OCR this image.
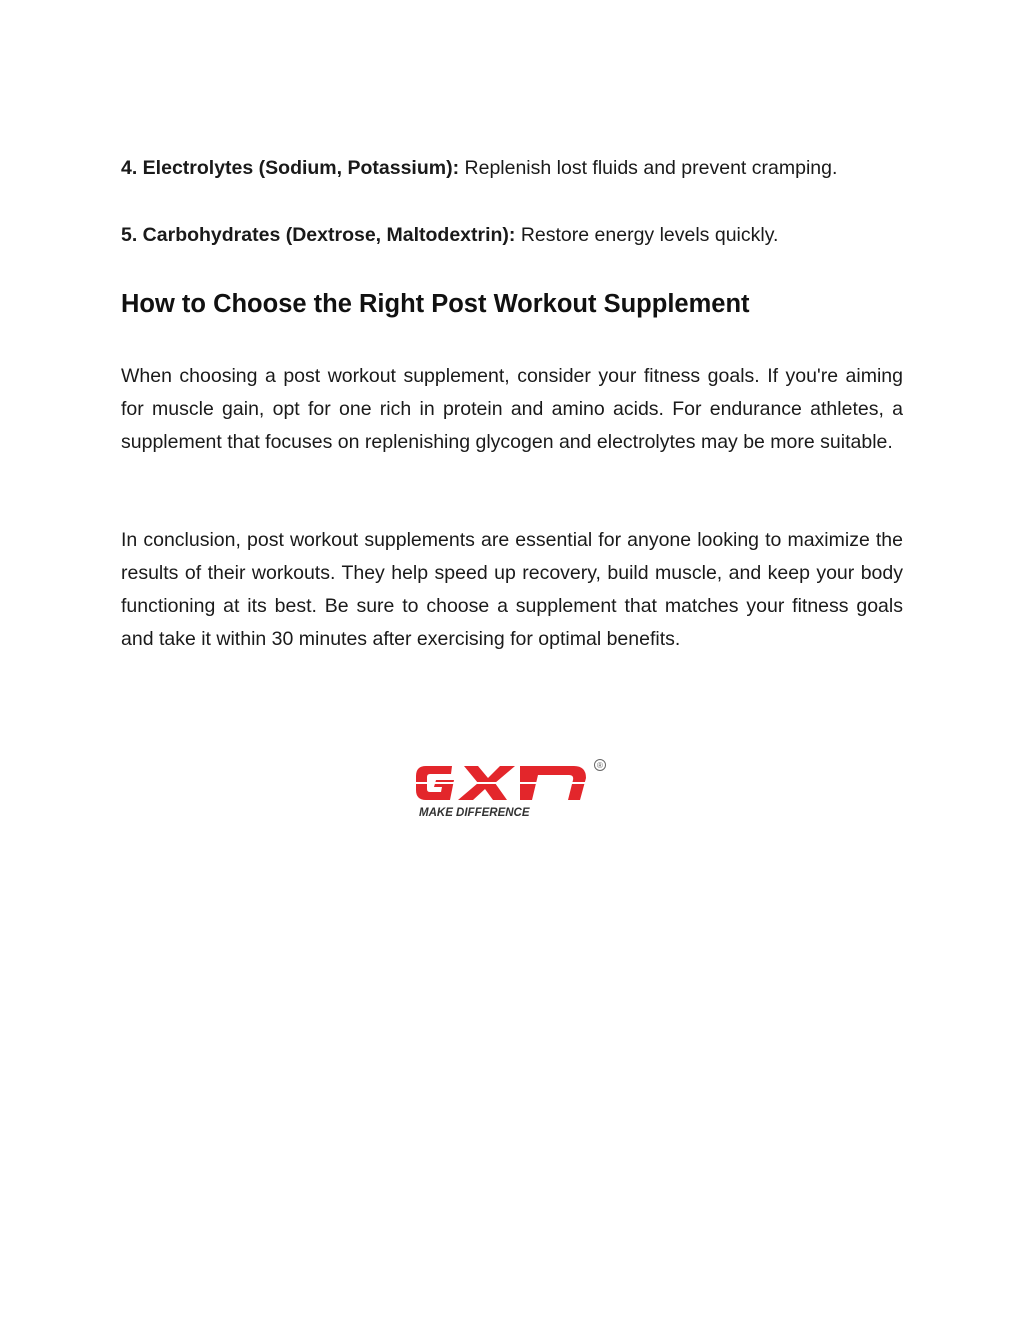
4. Electrolytes (Sodium, Potassium): Replenish lost fluids and prevent cramping.
5. Carbohydrates (Dextrose, Maltodextrin): Restore energy levels quickly.
How to Choose the Right Post Workout Supplement

When choosing a post workout supplement, consider your fitness goals. If you're aiming for muscle gain, opt for one rich in protein and amino acids. For endurance athletes, a supplement that focuses on replenishing glycogen and electrolytes may be more suitable.

In conclusion, post workout supplements are essential for anyone looking to maximize the results of their workouts. They help speed up recovery, build muscle, and keep your body functioning at its best. Be sure to choose a supplement that matches your fitness goals and take it within 30 minutes after exercising for optimal benefits.

®
MAKE DIFFERENCE
